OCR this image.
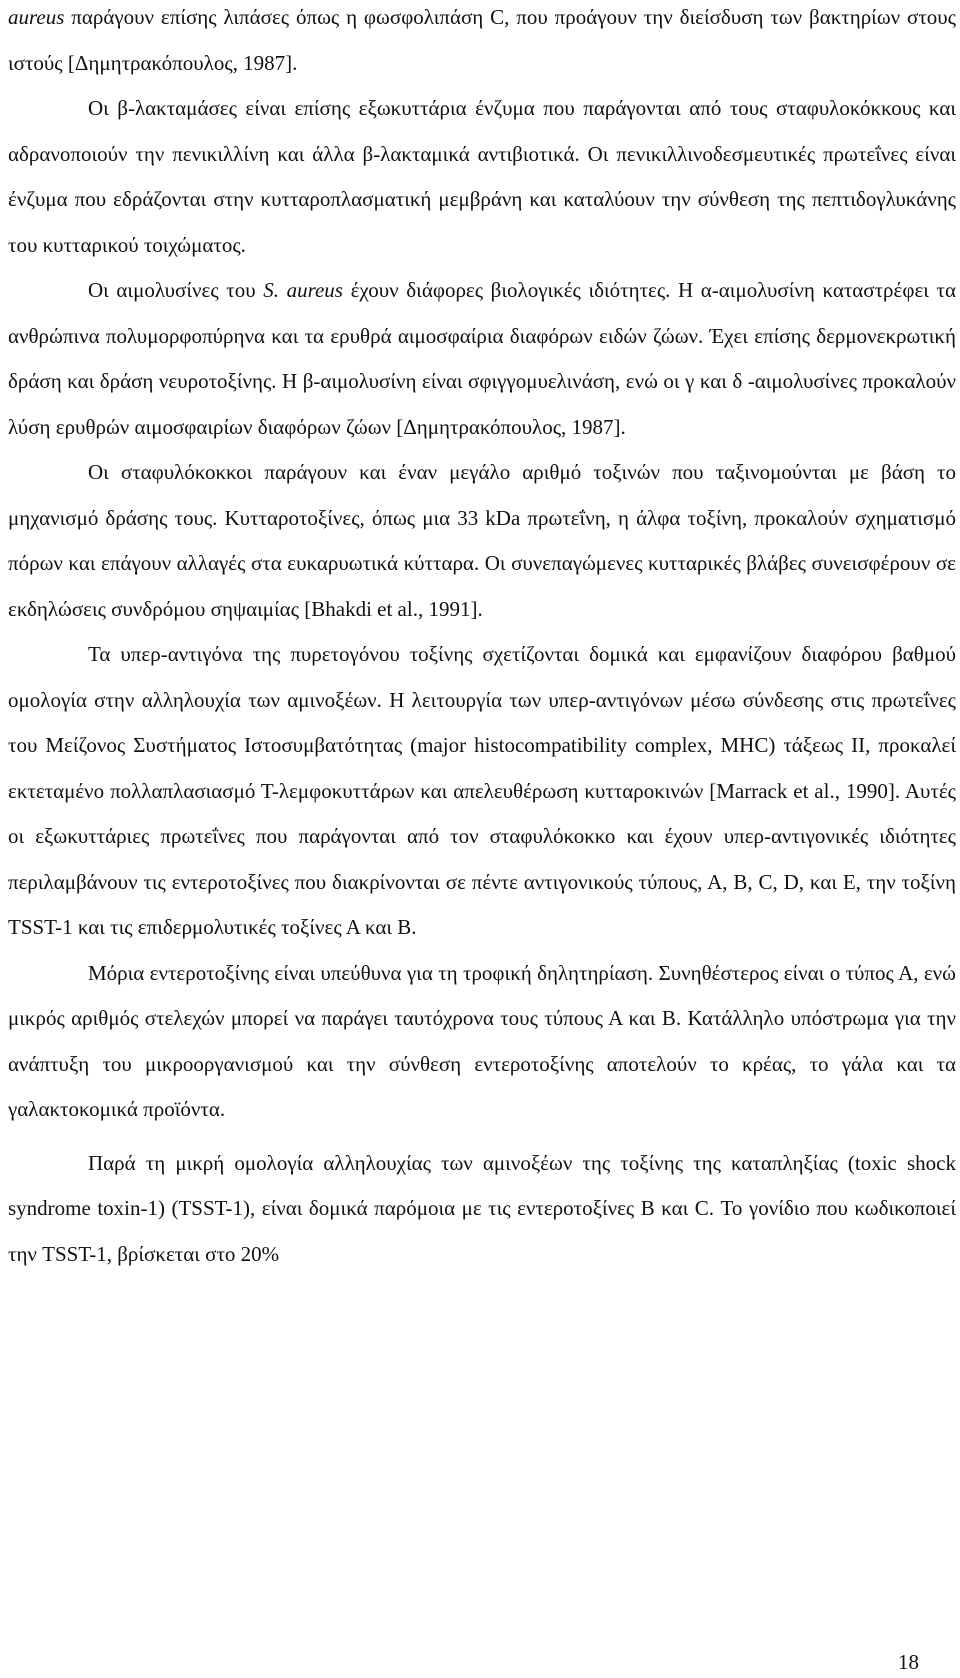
aureus παράγουν επίσης λιπάσες όπως η φωσφολιπάση C, που προάγουν την διείσδυση των βακτηρίων στους ιστούς [Δημητρακόπουλος, 1987].

Οι β-λακταμάσες είναι επίσης εξωκυττάρια ένζυμα που παράγονται από τους σταφυλοκόκκους και αδρανοποιούν την πενικιλλίνη και άλλα β-λακταμικά αντιβιοτικά. Οι πενικιλλινοδεσμευτικές πρωτεΐνες είναι ένζυμα που εδράζονται στην κυτταροπλασματική μεμβράνη και καταλύουν την σύνθεση της πεπτιδογλυκάνης του κυτταρικού τοιχώματος.

Οι αιμολυσίνες του S. aureus έχουν διάφορες βιολογικές ιδιότητες. Η α-αιμολυσίνη καταστρέφει τα ανθρώπινα πολυμορφοπύρηνα και τα ερυθρά αιμοσφαίρια διαφόρων ειδών ζώων. Έχει επίσης δερμονεκρωτική δράση και δράση νευροτοξίνης. Η β-αιμολυσίνη είναι σφιγγομυελινάση, ενώ οι γ και δ -αιμολυσίνες προκαλούν λύση ερυθρών αιμοσφαιρίων διαφόρων ζώων [Δημητρακόπουλος, 1987].

Οι σταφυλόκοκκοι παράγουν και έναν μεγάλο αριθμό τοξινών που ταξινομούνται με βάση το μηχανισμό δράσης τους. Κυτταροτοξίνες, όπως μια 33 kDa πρωτεΐνη, η άλφα τοξίνη, προκαλούν σχηματισμό πόρων και επάγουν αλλαγές στα ευκαρυωτικά κύτταρα. Οι συνεπαγώμενες κυτταρικές βλάβες συνεισφέρουν σε εκδηλώσεις συνδρόμου σηψαιμίας [Bhakdi et al., 1991].

Τα υπερ-αντιγόνα της πυρετογόνου τοξίνης σχετίζονται δομικά και εμφανίζουν διαφόρου βαθμού ομολογία στην αλληλουχία των αμινοξέων. Η λειτουργία των υπερ-αντιγόνων μέσω σύνδεσης στις πρωτεΐνες του Μείζονος Συστήματος Ιστοσυμβατότητας (major histocompatibility complex, MHC) τάξεως ΙΙ, προκαλεί εκτεταμένο πολλαπλασιασμό Τ-λεμφοκυττάρων και απελευθέρωση κυτταροκινών [Marrack et al., 1990]. Αυτές οι εξωκυττάριες πρωτεΐνες που παράγονται από τον σταφυλόκοκκο και έχουν υπερ-αντιγονικές ιδιότητες περιλαμβάνουν τις εντεροτοξίνες που διακρίνονται σε πέντε αντιγονικούς τύπους, Α, Β, C, D, και Ε, την τοξίνη TSST-1 και τις επιδερμολυτικές τοξίνες Α και Β.

Μόρια εντεροτοξίνης είναι υπεύθυνα για τη τροφική δηλητηρίαση. Συνηθέστερος είναι ο τύπος Α, ενώ μικρός αριθμός στελεχών μπορεί να παράγει ταυτόχρονα τους τύπους Α και Β. Κατάλληλο υπόστρωμα για την ανάπτυξη του μικροοργανισμού και την σύνθεση εντεροτοξίνης αποτελούν το κρέας, το γάλα και τα γαλακτοκομικά προϊόντα.

Παρά τη μικρή ομολογία αλληλουχίας των αμινοξέων της τοξίνης της καταπληξίας (toxic shock syndrome toxin-1) (TSST-1), είναι δομικά παρόμοια με τις εντεροτοξίνες Β και C. Το γονίδιο που κωδικοποιεί την TSST-1, βρίσκεται στο 20%

18
